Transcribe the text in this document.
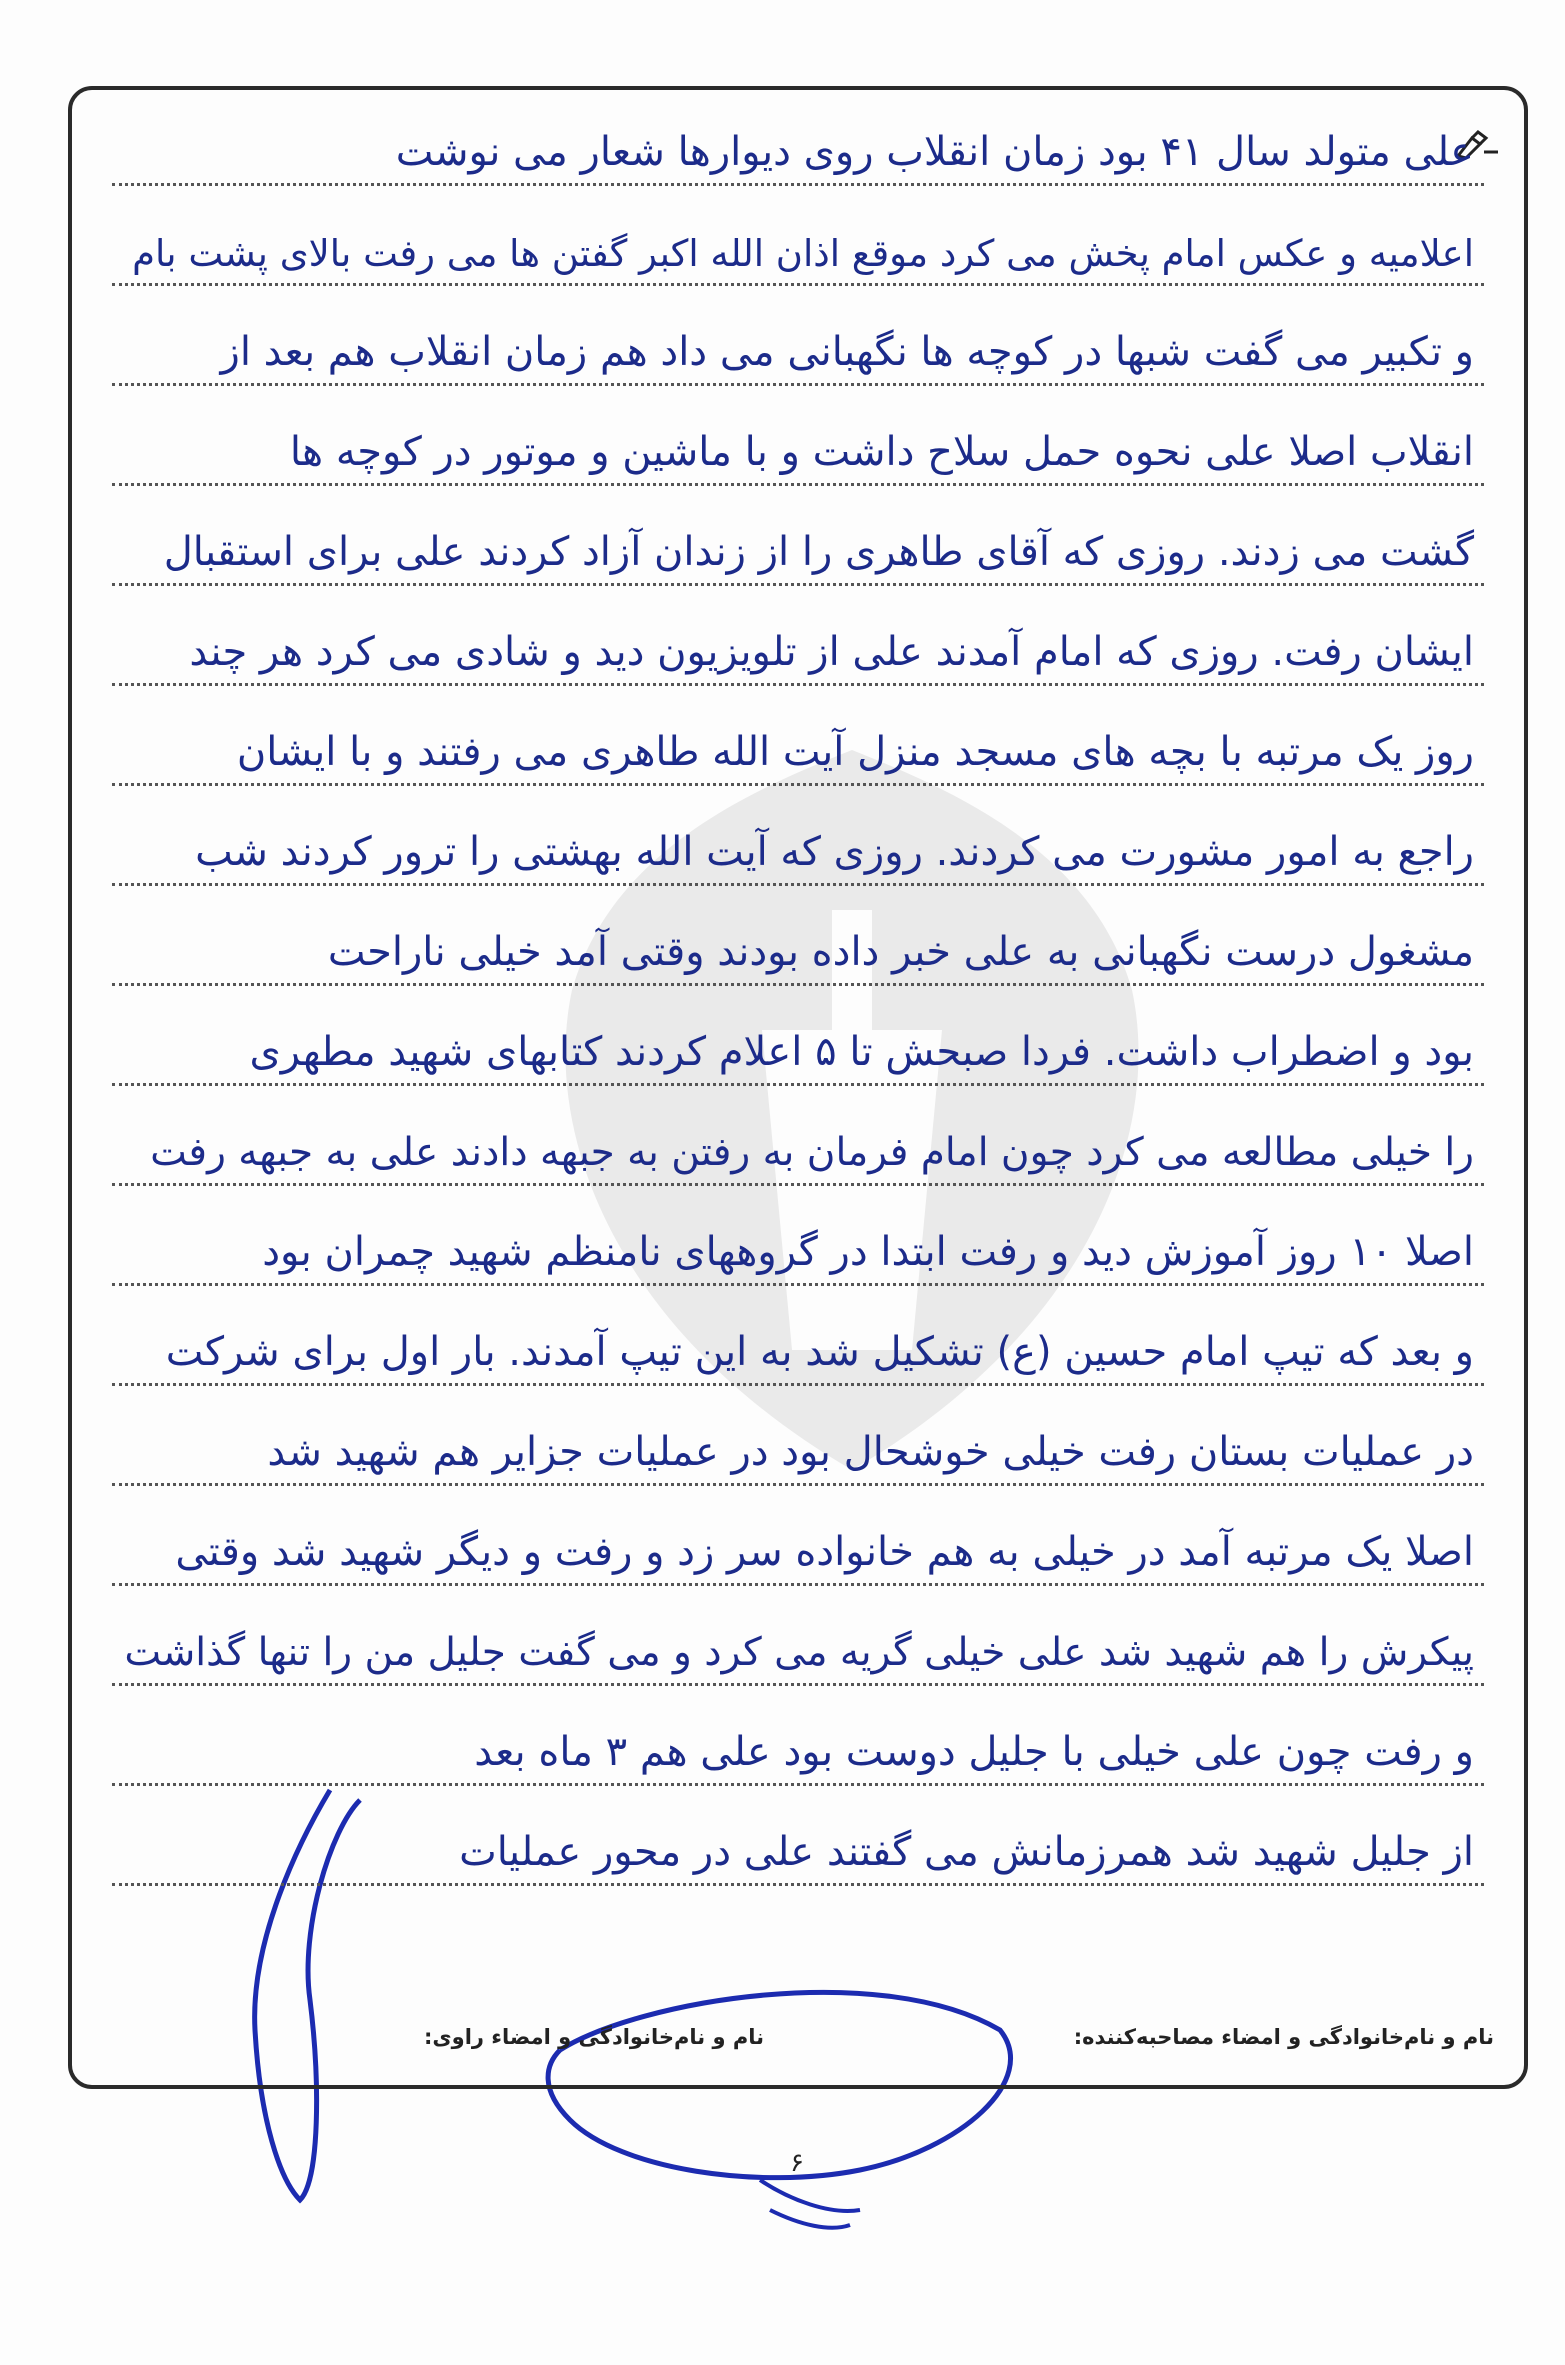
علی متولد سال ۴۱ بود زمان انقلاب روی دیوارها شعار می نوشت
اعلامیه و عکس امام پخش می کرد موقع اذان الله اکبر گفتن ها می رفت بالای پشت بام
و تکبیر می گفت شبها در کوچه ها نگهبانی می داد هم زمان انقلاب هم بعد از
انقلاب اصلا علی نحوه حمل سلاح داشت و با ماشین و موتور در کوچه ها
گشت می زدند. روزی که آقای طاهری را از زندان آزاد کردند علی برای استقبال
ایشان رفت. روزی که امام آمدند علی از تلویزیون دید و شادی می کرد هر چند
روز یک مرتبه با بچه های مسجد منزل آیت الله طاهری می رفتند و با ایشان
راجع به امور مشورت می کردند. روزی که آیت الله بهشتی را ترور کردند شب
مشغول درست نگهبانی به علی خبر داده بودند وقتی آمد خیلی ناراحت
بود و اضطراب داشت. فردا صبحش تا ۵ اعلام کردند کتابهای شهید مطهری
را خیلی مطالعه می کرد چون امام فرمان به رفتن به جبهه دادند علی به جبهه رفت
اصلا ۱۰ روز آموزش دید و رفت ابتدا در گروههای نامنظم شهید چمران بود
و بعد که تیپ امام حسین (ع) تشکیل شد به این تیپ آمدند. بار اول برای شرکت
در عملیات بستان رفت خیلی خوشحال بود در عملیات جزایر هم شهید شد
اصلا یک مرتبه آمد در خیلی به هم خانواده سر زد و رفت و دیگر شهید شد وقتی
پیکرش را هم شهید شد علی خیلی گریه می کرد و می گفت جلیل من را تنها گذاشت
و رفت چون علی خیلی با جلیل دوست بود علی هم ۳ ماه بعد
از جلیل شهید شد همرزمانش می گفتند علی در محور عملیات
نام و نام‌خانوادگی و امضاء مصاحبه‌کننده:
نام و نام‌خانوادگی و امضاء راوی:
۶
